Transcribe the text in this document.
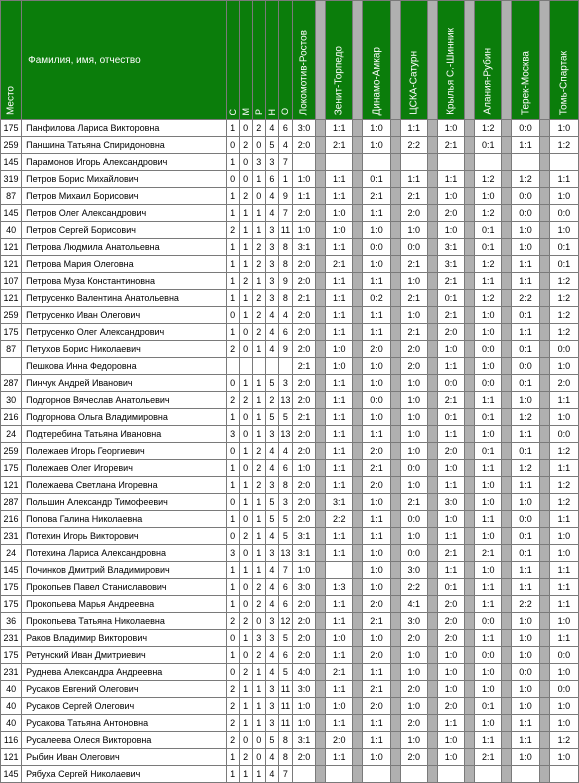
Место	Фамилия, имя, отчество	С	М	Р	Н	О	Локомотив-Ростов		Зенит-Торпедо		Динамо-Амкар		ЦСКА-Сатурн		Крылья С.-Шинник		Алания-Рубин		Терек-Москва		Томь-Спартак

175	Панфилова Лариса Викторовна	1	0	2	4	6	3:0		1:1		1:0		1:1		1:0		1:2		0:0		1:0
259	Паншина Татьяна Спиридоновна	0	2	0	5	4	2:0		2:1		1:0		2:2		2:1		0:1		1:1		1:2
145	Парамонов Игорь Александрович	1	0	3	3	7															
319	Петров Борис Михайлович	0	0	1	6	1	1:0		1:1		0:1		1:1		1:1		1:2		1:2		1:1
87	Петров Михаил Борисович	1	2	0	4	9	1:1		1:1		2:1		2:1		1:0		1:0		0:0		1:0
145	Петров Олег Александрович	1	1	1	4	7	2:0		1:0		1:1		2:0		2:0		1:2		0:0		0:0
40	Петров Сергей Борисович	2	1	1	3	11	1:0		1:0		1:0		1:0		1:0		0:1		1:0		1:0
121	Петрова Людмила Анатольевна	1	1	2	3	8	3:1		1:1		0:0		0:0		3:1		0:1		1:0		0:1
121	Петрова Мария Олеговна	1	1	2	3	8	2:0		2:1		1:0		2:1		3:1		1:2		1:1		0:1
107	Петрова Муза Константиновна	1	2	1	3	9	2:0		1:1		1:1		1:0		2:1		1:1		1:1		1:2
121	Петрусенко Валентина Анатольевна	1	1	2	3	8	2:1		1:1		0:2		2:1		0:1		1:2		2:2		1:2
259	Петрусенко Иван Олегович	0	1	2	4	4	2:0		1:1		1:1		1:0		2:1		1:0		0:1		1:2
175	Петрусенко Олег Александрович	1	0	2	4	6	2:0		1:1		1:1		2:1		2:0		1:0		1:1		1:2
87	Петухов Борис Николаевич	2	0	1	4	9	2:0		1:0		2:0		2:0		1:0		0:0		0:1		0:0
	Пешкова Инна Федоровна						2:1		1:0		1:0		2:0		1:1		1:0		0:0		1:0
287	Пинчук Андрей Иванович	0	1	1	5	3	2:0		1:1		1:0		1:0		0:0		0:0		0:1		2:0
30	Подгорнов Вячеслав Анатольевич	2	2	1	2	13	2:0		1:1		0:0		1:0		2:1		1:1		1:0		1:1
216	Подгорнова Ольга Владимировна	1	0	1	5	5	2:1		1:1		1:0		1:0		0:1		0:1		1:2		1:0
24	Подтеребина Татьяна Ивановна	3	0	1	3	13	2:0		1:1		1:1		1:0		1:1		1:0		1:1		0:0
259	Полежаев Игорь Георгиевич	0	1	2	4	4	2:0		1:1		2:0		1:0		2:0		0:1		0:1		1:2
175	Полежаев Олег Игоревич	1	0	2	4	6	1:0		1:1		2:1		0:0		1:0		1:1		1:2		1:1
121	Полежаева Светлана Игоревна	1	1	2	3	8	2:0		1:1		2:0		1:0		1:1		1:0		1:1		1:2
287	Польшин Александр Тимофеевич	0	1	1	5	3	2:0		3:1		1:0		2:1		3:0		1:0		1:0		1:2
216	Попова Галина Николаевна	1	0	1	5	5	2:0		2:2		1:1		0:0		1:0		1:1		0:0		1:1
231	Потехин Игорь Викторович	0	2	1	4	5	3:1		1:1		1:1		1:0		1:1		1:0		0:1		1:0
24	Потехина Лариса Александровна	3	0	1	3	13	3:1		1:1		1:0		0:0		2:1		2:1		0:1		1:0
145	Починков Дмитрий Владимирович	1	1	1	4	7	1:0				1:0		3:0		1:1		1:0		1:1		1:1
175	Прокопьев Павел Станиславович	1	0	2	4	6	3:0		1:3		1:0		2:2		0:1		1:1		1:1		1:1
175	Прокопьева Марья Андреевна	1	0	2	4	6	2:0		1:1		2:0		4:1		2:0		1:1		2:2		1:1
36	Прокопьева Татьяна Николаевна	2	2	0	3	12	2:0		1:1		2:1		3:0		2:0		0:0		1:0		1:0
231	Раков Владимир Викторович	0	1	3	3	5	2:0		1:0		1:0		2:0		2:0		1:1		1:0		1:1
175	Ретунский Иван Дмитриевич	1	0	2	4	6	2:0		1:1		2:0		1:0		1:0		0:0		1:0		0:0
231	Руднева Александра Андреевна	0	2	1	4	5	4:0		2:1		1:1		1:0		1:0		1:0		0:0		1:0
40	Русаков Евгений Олегович	2	1	1	3	11	3:0		1:1		2:1		2:0		1:0		1:0		1:0		0:0
40	Русаков Сергей Олегович	2	1	1	3	11	1:0		1:0		2:0		1:0		2:0		0:1		1:0		1:0
40	Русакова Татьяна Антоновна	2	1	1	3	11	1:0		1:1		1:1		2:0		1:1		1:0		1:1		1:0
116	Русалеева Олеся Викторовна	2	0	0	5	8	3:1		2:0		1:1		1:0		1:0		1:1		1:1		1:2
121	Рыбин Иван Олегович	1	2	0	4	8	2:0		1:1		1:0		2:0		1:0		2:1		1:0		1:0
145	Рябуха Сергей Николаевич	1	1	1	4	7															
